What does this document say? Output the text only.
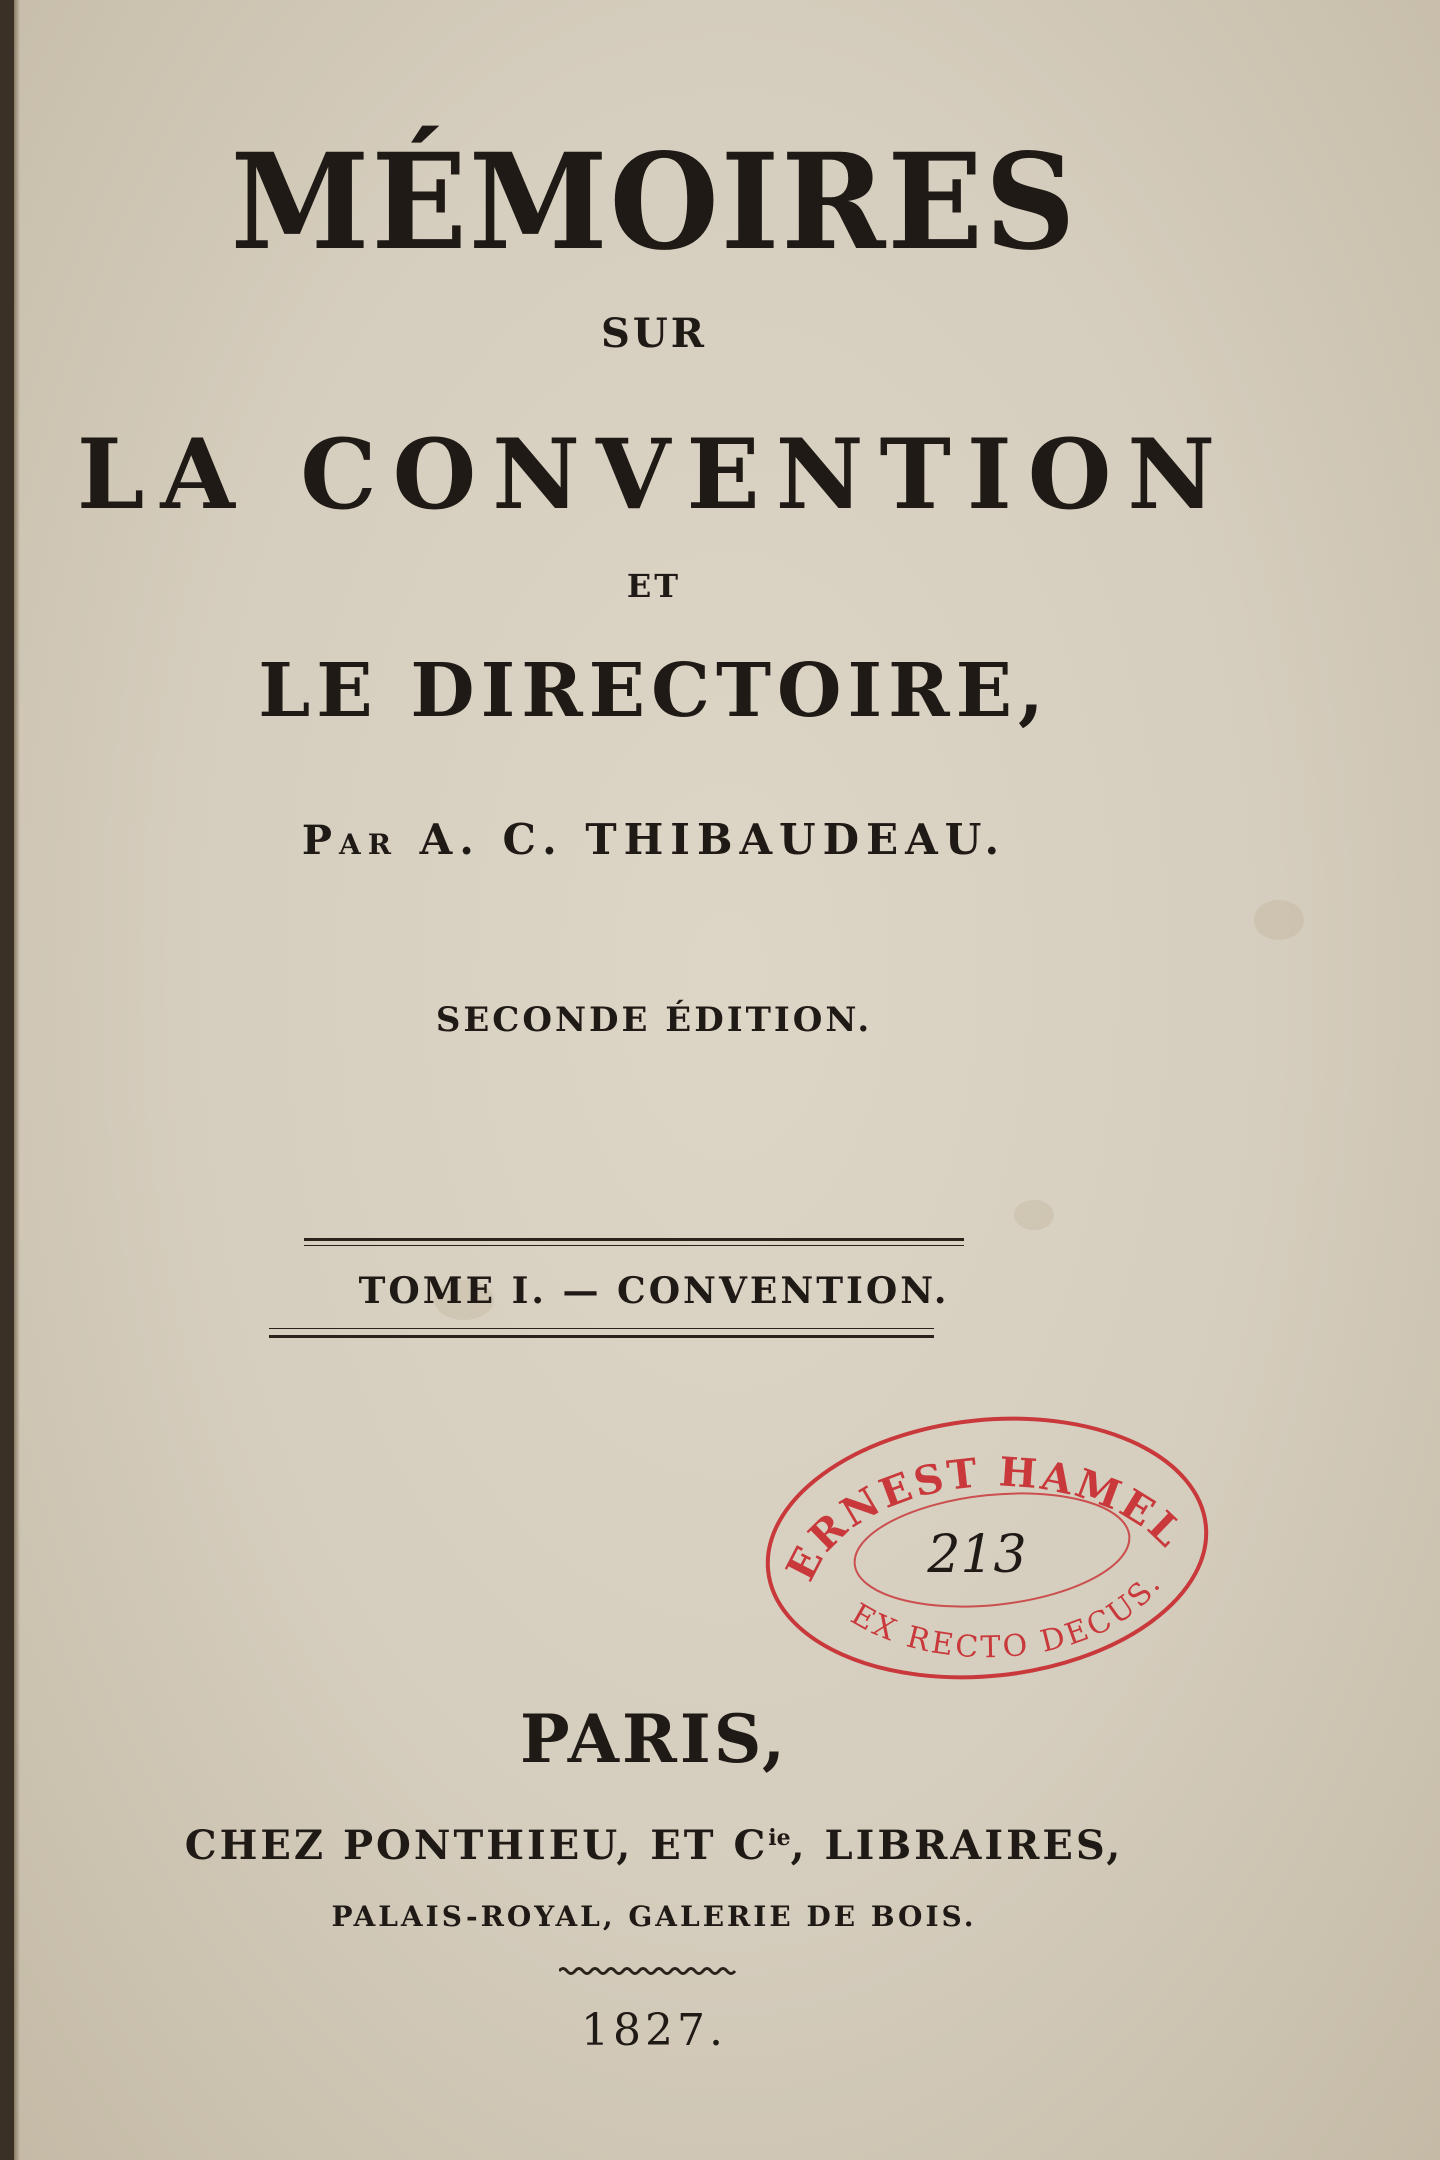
MÉMOIRES
SUR
LA CONVENTION
ET
LE DIRECTOIRE,
PAR A. C. THIBAUDEAU.
SECONDE ÉDITION.
TOME I. — CONVENTION.
ERNEST HAMEL
EX RECTO DECUS.
213
PARIS,
CHEZ PONTHIEU, ET $C^{ie}$, LIBRAIRES,
PALAIS-ROYAL, GALERIE DE BOIS.
1827.
